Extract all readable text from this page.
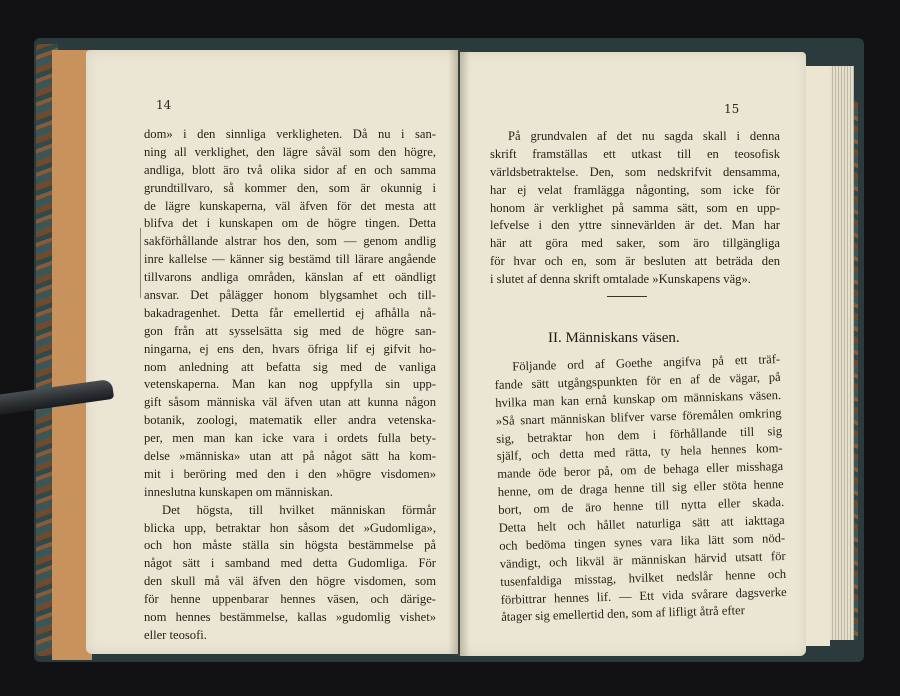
14	15
dom» i den sinnliga verkligheten. Då nu i san-
ning all verklighet, den lägre såväl som den högre,
andliga, blott äro två olika sidor af en och samma
grundtillvaro, så kommer den, som är okunnig i
de lägre kunskaperna, väl äfven för det mesta att
blifva det i kunskapen om de högre tingen. Detta
sakförhållande alstrar hos den, som — genom andlig
inre kallelse — känner sig bestämd till lärare angående
tillvarons andliga områden, känslan af ett oändligt
ansvar. Det pålägger honom blygsamhet och till-
bakadragenhet. Detta får emellertid ej afhålla nå-
gon från att sysselsätta sig med de högre san-
ningarna, ej ens den, hvars öfriga lif ej gifvit ho-
nom anledning att befatta sig med de vanliga
vetenskaperna. Man kan nog uppfylla sin upp-
gift såsom människa väl äfven utan att kunna någon
botanik, zoologi, matematik eller andra vetenska-
per, men man kan icke vara i ordets fulla bety-
delse »människa» utan att på något sätt ha kom-
mit i beröring med den i den »högre visdomen»
inneslutna kunskapen om människan.
Det högsta, till hvilket människan förmår
blicka upp, betraktar hon såsom det »Gudomliga»,
och hon måste ställa sin högsta bestämmelse på
något sätt i samband med detta Gudomliga. För
den skull må väl äfven den högre visdomen, som
för henne uppenbarar hennes väsen, och därige-
nom hennes bestämmelse, kallas »gudomlig vishet»
eller teosofi.
På grundvalen af det nu sagda skall i denna
skrift framställas ett utkast till en teosofisk
världsbetraktelse. Den, som nedskrifvit densamma,
har ej velat framlägga någonting, som icke för
honom är verklighet på samma sätt, som en upp-
lefvelse i den yttre sinnevärlden är det. Man har
här att göra med saker, som äro tillgängliga
för hvar och en, som är besluten att beträda den
i slutet af denna skrift omtalade »Kunskapens väg».
II. Människans väsen.
Följande ord af Goethe angifva på ett träf-
fande sätt utgångspunkten för en af de vägar, på
hvilka man kan ernå kunskap om människans väsen.
»Så snart människan blifver varse föremålen omkring
sig, betraktar hon dem i förhållande till sig
själf, och detta med rätta, ty hela hennes kom-
mande öde beror på, om de behaga eller misshaga
henne, om de draga henne till sig eller stöta henne
bort, om de äro henne till nytta eller skada.
Detta helt och hållet naturliga sätt att iakttaga
och bedöma tingen synes vara lika lätt som nöd-
vändigt, och likväl är människan härvid utsatt för
tusenfaldiga misstag, hvilket nedslår henne och
förbittrar hennes lif. — Ett vida svårare dagsverke
åtager sig emellertid den, som af lifligt åtrå efter
